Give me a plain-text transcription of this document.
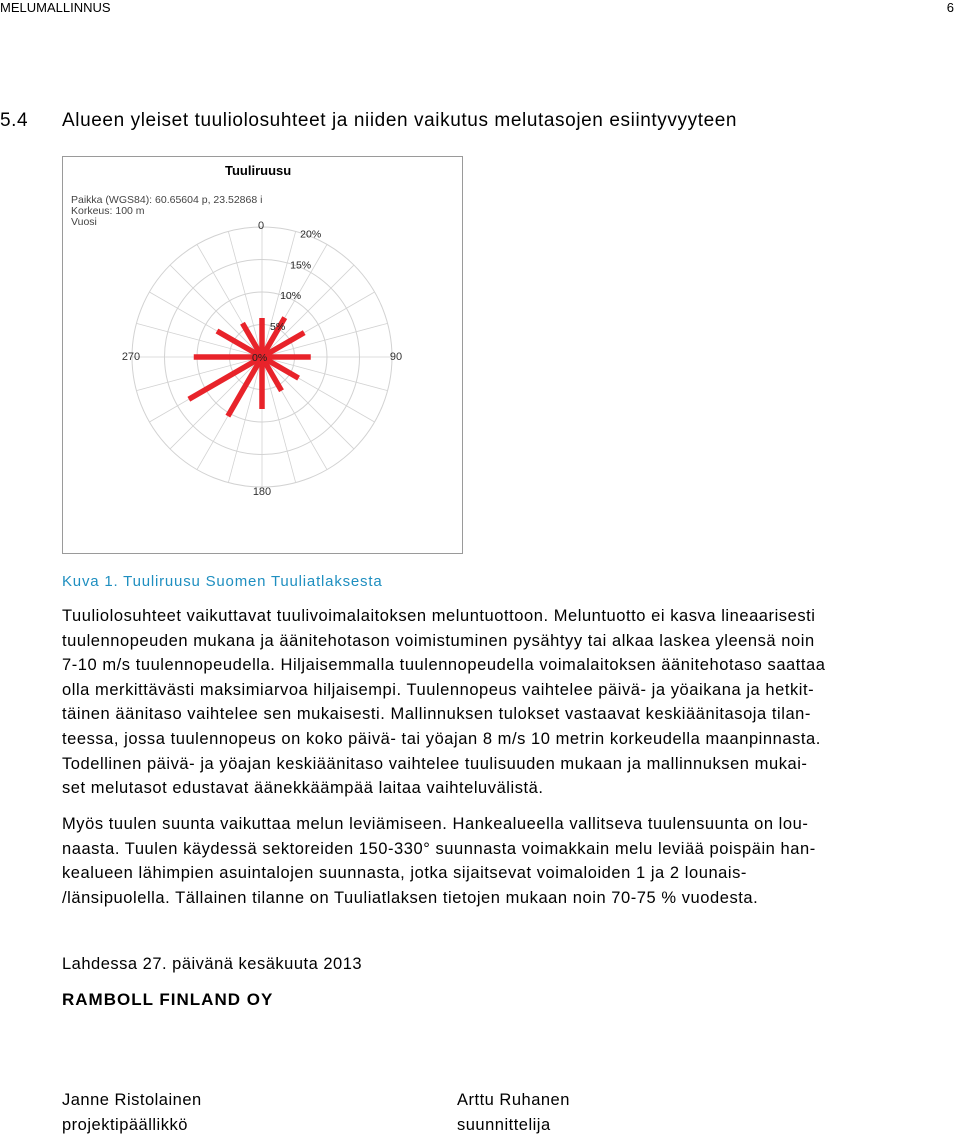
MELUMALLINNUS	6
5.4 Alueen yleiset tuuliolosuhteet ja niiden vaikutus melutasojen esiintyvyyteen
Tuuliruusu
Paikka (WGS84): 60.65604 p, 23.52868 i
Korkeus: 100 m
Vuosi
0%
5%
10%
15%
20%
0
90
180
270
Kuva 1. Tuuliruusu Suomen Tuuliatlaksesta
Tuuliolosuhteet vaikuttavat tuulivoimalaitoksen meluntuottoon. Meluntuotto ei kasva lineaarisesti
tuulennopeuden mukana ja äänitehotason voimistuminen pysähtyy tai alkaa laskea yleensä noin
7-10 m/s tuulennopeudella. Hiljaisemmalla tuulennopeudella voimalaitoksen äänitehotaso saattaa
olla merkittävästi maksimiarvoa hiljaisempi. Tuulennopeus vaihtelee päivä- ja yöaikana ja hetkit-
täinen äänitaso vaihtelee sen mukaisesti. Mallinnuksen tulokset vastaavat keskiäänitasoja tilan-
teessa, jossa tuulennopeus on koko päivä- tai yöajan 8 m/s 10 metrin korkeudella maanpinnasta.
Todellinen päivä- ja yöajan keskiäänitaso vaihtelee tuulisuuden mukaan ja mallinnuksen mukai-
set melutasot edustavat äänekkäämpää laitaa vaihteluvälistä.
Myös tuulen suunta vaikuttaa melun leviämiseen. Hankealueella vallitseva tuulensuunta on lou-
naasta. Tuulen käydessä sektoreiden 150-330° suunnasta voimakkain melu leviää poispäin han-
kealueen lähimpien asuintalojen suunnasta, jotka sijaitsevat voimaloiden 1 ja 2 lounais-
/länsipuolella. Tällainen tilanne on Tuuliatlaksen tietojen mukaan noin 70-75 % vuodesta.
Lahdessa 27. päivänä kesäkuuta 2013
RAMBOLL FINLAND OY
Janne Ristolainen
projektipäällikkö
Arttu Ruhanen
suunnittelija
